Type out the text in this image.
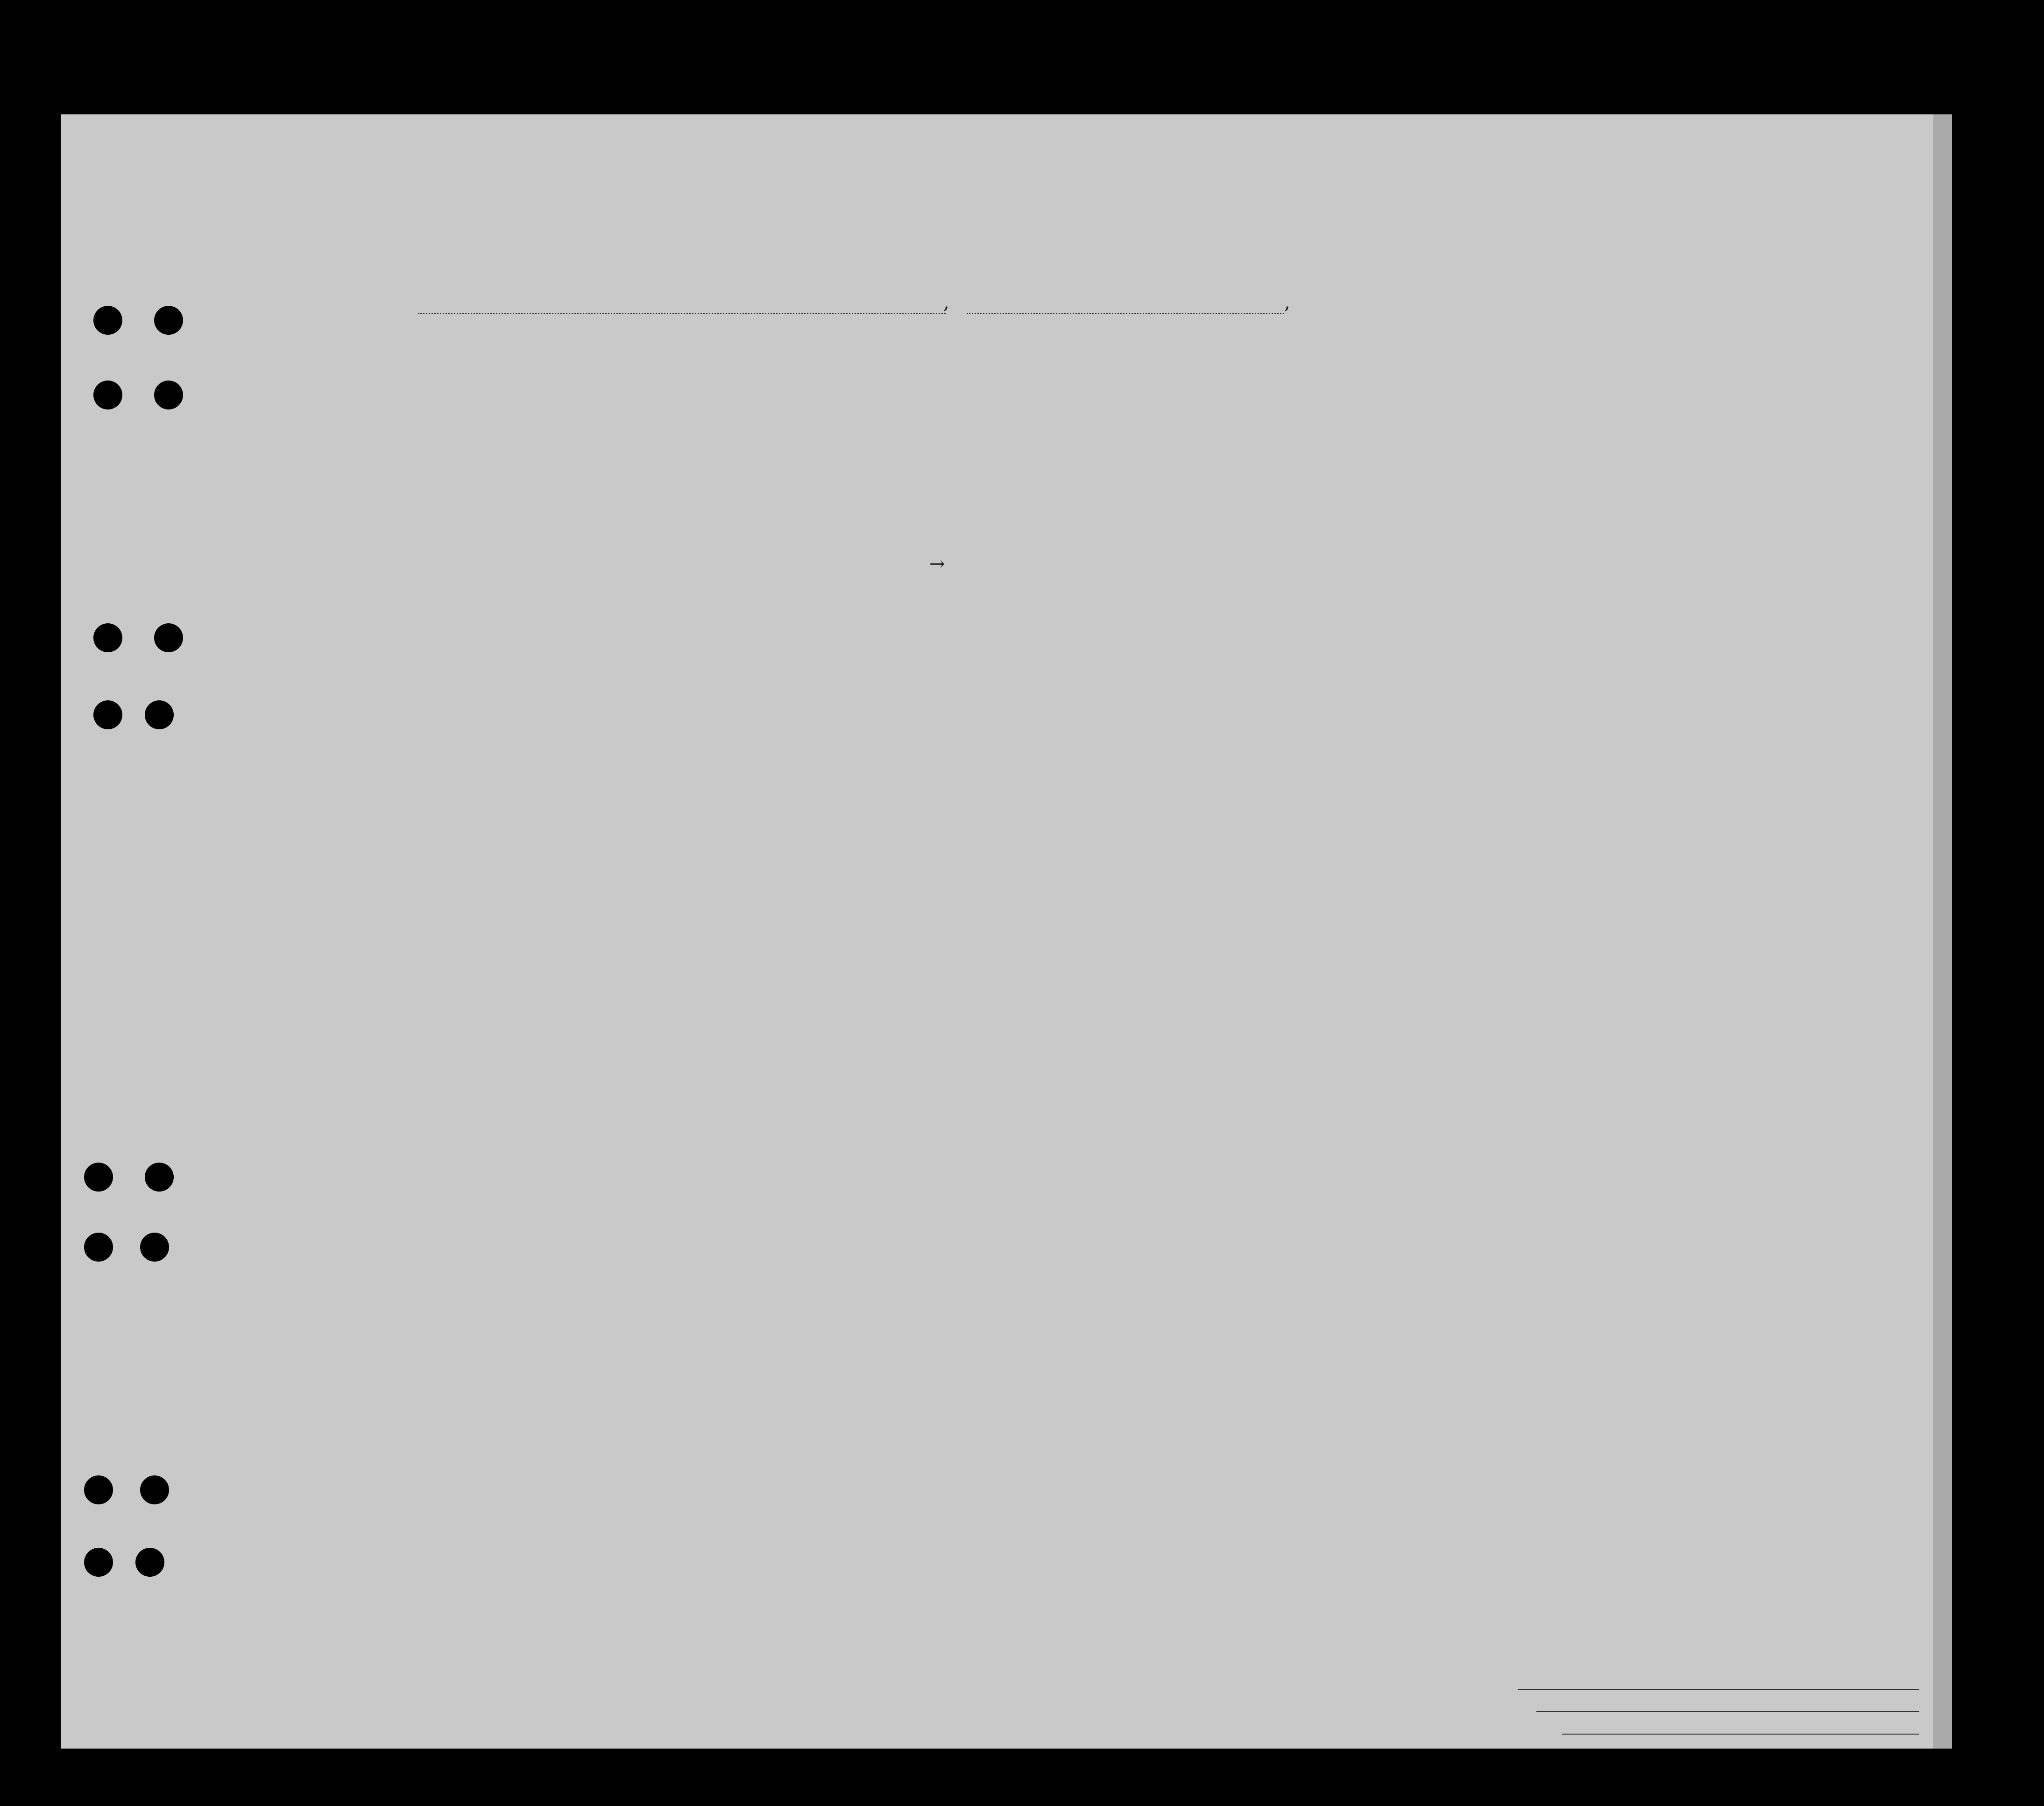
,	,
→
